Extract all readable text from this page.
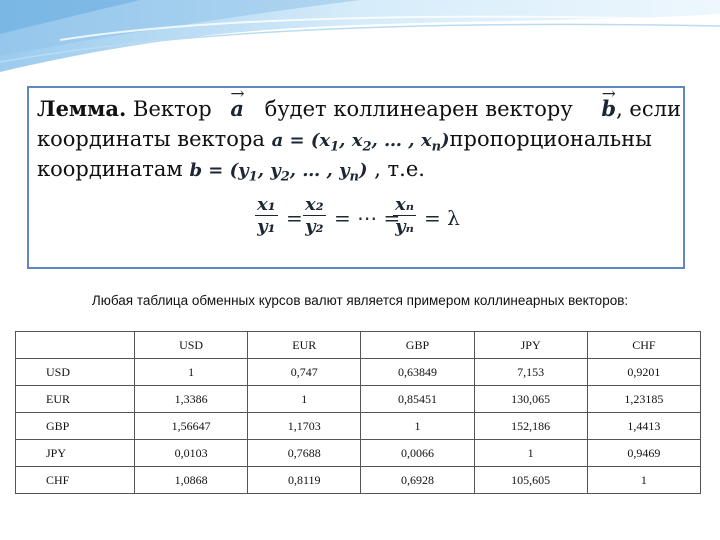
Лемма. Вектор → a будет коллинеарен вектору → b, если
координаты вектора $a = (x_1$, $x_2$, … , $x_n)пропорциональны$
координатам $b = (y_1$, $y_2$, … , $y_n$) , т.е.
$\frac{\text{x₁}}{\text{y₁}} = \frac{\text{x₂}}{\text{y₂}}$ = ⋯ =
$\frac{\text{xₙ}}{\text{yₙ}} = \lambda$
Любая таблица обменных курсов валют является примером коллинеарных векторов:
	USD	EUR	GBP	JPY	CHF
USD	1	0,747	0,63849	7,153	0,9201
EUR	1,3386	1	0,85451	130,065	1,23185
GBP	1,56647	1,1703	1	152,186	1,4413
JPY	0,0103	0,7688	0,0066	1	0,9469
CHF	1,0868	0,8119	0,6928	105,605	1
